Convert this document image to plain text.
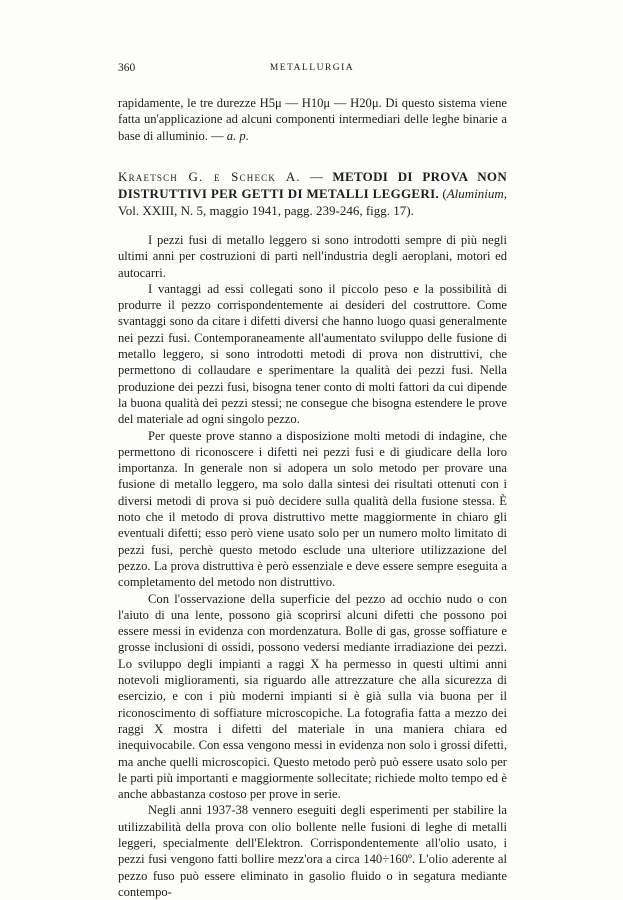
360	METALLURGIA

rapidamente, le tre durezze H5μ — H10μ — H20μ. Di questo sistema viene fatta un'applicazione ad alcuni componenti intermediari delle leghe binarie a base di alluminio. — a. p.

Kraetsch G. e Scheck A. — METODI DI PROVA NON DISTRUTTIVI PER GETTI DI METALLI LEGGERI. (Aluminium, Vol. XXIII, N. 5, maggio 1941, pagg. 239-246, figg. 17).

I pezzi fusi di metallo leggero si sono introdotti sempre di più negli ultimi anni per costruzioni di parti nell'industria degli aeroplani, motori ed autocarri.

I vantaggi ad essi collegati sono il piccolo peso e la possibilità di produrre il pezzo corrispondentemente ai desideri del costruttore. Come svantaggi sono da citare i difetti diversi che hanno luogo quasi generalmente nei pezzi fusi. Contemporaneamente all'aumentato sviluppo delle fusione di metallo leggero, si sono introdotti metodi di prova non distruttivi, che permettono di collaudare e sperimentare la qualità dei pezzi fusi. Nella produzione dei pezzi fusi, bisogna tener conto di molti fattori da cui dipende la buona qualità dei pezzi stessi; ne consegue che bisogna estendere le prove del materiale ad ogni singolo pezzo.

Per queste prove stanno a disposizione molti metodi di indagine, che permettono di riconoscere i difetti nei pezzi fusi e di giudicare della loro importanza. In generale non si adopera un solo metodo per provare una fusione di metallo leggero, ma solo dalla sintesi dei risultati ottenuti con i diversi metodi di prova si può decidere sulla qualità della fusione stessa. È noto che il metodo di prova distruttivo mette maggiormente in chiaro gli eventuali difetti; esso però viene usato solo per un numero molto limitato di pezzi fusi, perchè questo metodo esclude una ulteriore utilizzazione del pezzo. La prova distruttiva è però essenziale e deve essere sempre eseguita a completamento del metodo non distruttivo.

Con l'osservazione della superficie del pezzo ad occhio nudo o con l'aiuto di una lente, possono già scoprirsi alcuni difetti che possono poi essere messi in evidenza con mordenzatura. Bolle di gas, grosse soffiature e grosse inclusioni di ossidi, possono vedersi mediante irradiazione dei pezzi. Lo sviluppo degli impianti a raggi X ha permesso in questi ultimi anni notevoli miglioramenti, sia riguardo alle attrezzature che alla sicurezza di esercizio, e con i più moderni impianti si è già sulla via buona per il riconoscimento di soffiature microscopiche. La fotografia fatta a mezzo dei raggi X mostra i difetti del materiale in una maniera chiara ed inequivocabile. Con essa vengono messi in evidenza non solo i grossi difetti, ma anche quelli microscopici. Questo metodo però può essere usato solo per le parti più importanti e maggiormente sollecitate; richiede molto tempo ed è anche abbastanza costoso per prove in serie.

Negli anni 1937-38 vennero eseguiti degli esperimenti per stabilire la utilizzabilità della prova con olio bollente nelle fusioni di leghe di metalli leggeri, specialmente dell'Elektron. Corrispondentemente all'olio usato, i pezzi fusi vengono fatti bollire mezz'ora a circa 140÷160º. L'olio aderente al pezzo fuso può essere eliminato in gasolio fluido o in segatura mediante contempo-
